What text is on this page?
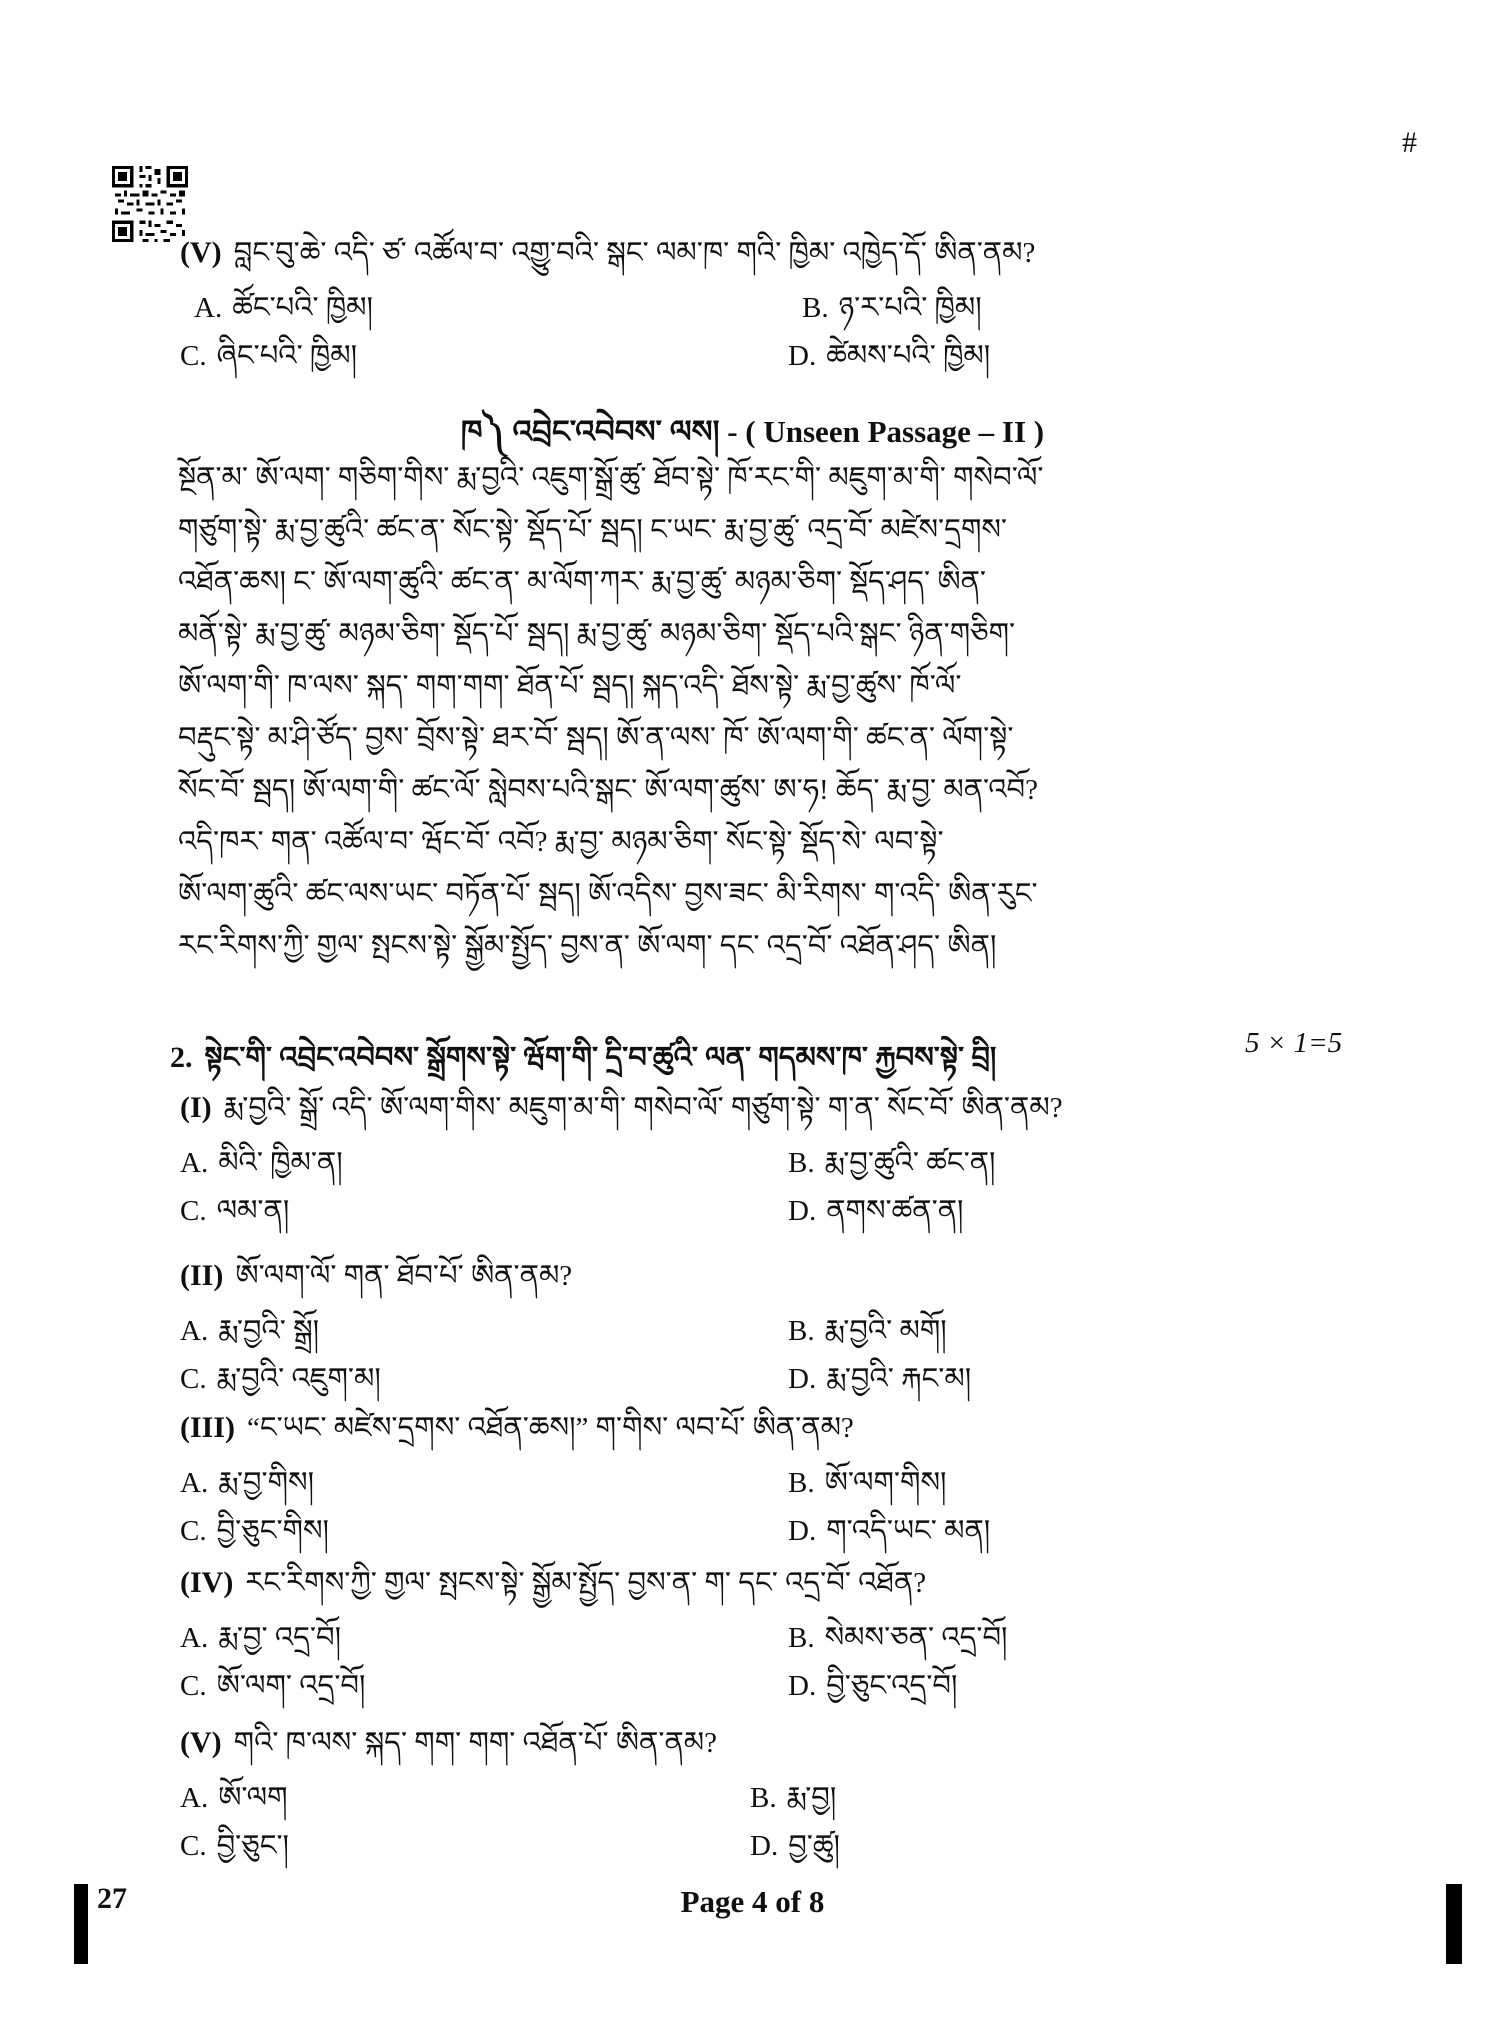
#
(V) བླང་བུ་ཆེ་ འདི་ ཙ་ འཚོལ་བ་ འགྱུ་བའི་ སྒང་ ལམ་ཁ་ གའི་ ཁྱིམ་ འཁྱེད་དོ་ ཨིན་ནམ?
A. ཚོང་པའི་ ཁྱིམ།	B. ཉ་ར་པའི་ ཁྱིམ།
C. ཞིང་པའི་ ཁྱིམ།	D. ཚེམས་པའི་ ཁྱིམ།
ཁ༽ འབྲེང་འབེབས་ ལས། - ( Unseen Passage – II )
སྔོན་མ་ ཨོ་ལག་ གཅིག་གིས་ རྨ་བྱའི་ འཇུག་སྒྲོ་ཚུ་ ཐོབ་སྟེ་ ཁོ་རང་གི་ མཇུག་མ་གི་ གསེབ་ལོ་
གཙུག་སྟེ་ རྨ་བྱ་ཚུའི་ ཚང་ན་ སོང་སྟེ་ སྡོད་པོ་ སྦད། ང་ཡང་ རྨ་བྱ་ཚུ་ འདྲ་བོ་ མཛེས་དྲགས་
འཐོན་ཆས། ང་ ཨོ་ལག་ཚུའི་ ཚང་ན་ མ་ལོག་ཀར་ རྨ་བྱ་ཚུ་ མཉམ་ཅིག་ སྡོད་ཤད་ ཨིན་
མནོ་སྟེ་ རྨ་བྱ་ཚུ་ མཉམ་ཅིག་ སྡོད་པོ་ སྦད། རྨ་བྱ་ཚུ་ མཉམ་ཅིག་ སྡོད་པའི་སྒང་ ཉིན་གཅིག་
ཨོ་ལག་གི་ ཁ་ལས་ སྐད་ གག་གག་ ཐོན་པོ་ སྦད། སྐད་འདི་ ཐོས་སྟེ་ རྨ་བྱ་ཚུས་ ཁོ་ལོ་
བརྡུང་སྟེ་ མ་ཤི་ཙོད་ བྱས་ བྲོས་སྟེ་ ཐར་བོ་ སྦད། ཨོ་ན་ལས་ ཁོ་ ཨོ་ལག་གི་ ཚང་ན་ ལོག་སྟེ་
སོང་བོ་ སྦད། ཨོ་ལག་གི་ ཚང་ལོ་ སླེབས་པའི་སྒང་ ཨོ་ལག་ཚུས་ ཨ་ཧ! ཆོད་ རྨ་བྱ་ མན་འབོ?
འདི་ཁར་ གན་ འཚོལ་བ་ ཝོང་བོ་ འབོ? རྨ་བྱ་ མཉམ་ཅིག་ སོང་སྟེ་ སྡོད་སེ་ ལབ་སྟེ་
ཨོ་ལག་ཚུའི་ ཚང་ལས་ཡང་ བཏོན་པོ་ སྦད། ཨོ་འདིས་ བྱས་ཟང་ མི་རིགས་ ག་འདི་ ཨིན་རུང་
རང་རིགས་ཀྱི་ གྱལ་ སྤངས་སྟེ་ སྒྱོམ་སྤྱོད་ བྱས་ན་ ཨོ་ལག་ དང་ འདྲ་བོ་ འཐོན་ཤད་ ཨིན།
2. སྟེང་གི་ འབྲེང་འབེབས་ སྒྲོགས་སྟེ་ ཝོག་གི་ དྲི་བ་ཚུའི་ ལན་ གདམས་ཁ་ རྐྱབས་སྟེ་ བྲི།	5 × 1=5
(I) རྨ་བྱའི་ སྒྲོ་ འདི་ ཨོ་ལག་གིས་ མཇུག་མ་གི་ གསེབ་ལོ་ གཙུག་སྟེ་ ག་ན་ སོང་བོ་ ཨིན་ནམ?
A. མིའི་ ཁྱིམ་ན།	B. རྨ་བྱ་ཚུའི་ ཚང་ན།
C. ལམ་ན།	D. ནགས་ཚན་ན།
(II) ཨོ་ལག་ལོ་ གན་ ཐོབ་པོ་ ཨིན་ནམ?
A. རྨ་བྱའི་ སྒྲོ།	B. རྨ་བྱའི་ མགོ།
C. རྨ་བྱའི་ འཇུག་མ།	D. རྨ་བྱའི་ རྐང་མ།
(III) “ང་ཡང་ མཛེས་དྲགས་ འཐོན་ཆས།” ག་གིས་ ལབ་པོ་ ཨིན་ནམ?
A. རྨ་བྱ་གིས།	B. ཨོ་ལག་གིས།
C. བྱི་ཅུང་གིས།	D. ག་འདི་ཡང་ མན།
(IV) རང་རིགས་ཀྱི་ གྱལ་ སྤངས་སྟེ་ སྒྱོམ་སྤྱོད་ བྱས་ན་ ག་ དང་ འདྲ་བོ་ འཐོན?
A. རྨ་བྱ་ འདྲ་བོ།	B. སེམས་ཅན་ འདྲ་བོ།
C. ཨོ་ལག་ འདྲ་བོ།	D. བྱི་ཅུང་འདྲ་བོ།
(V) གའི་ ཁ་ལས་ སྐད་ གག་ གག་ འཐོན་པོ་ ཨིན་ནམ?
A. ཨོ་ལག	B. རྨ་བྱ།
C. བྱི་ཅུང་།	D. བྱ་ཚུ།
27	Page 4 of 8
